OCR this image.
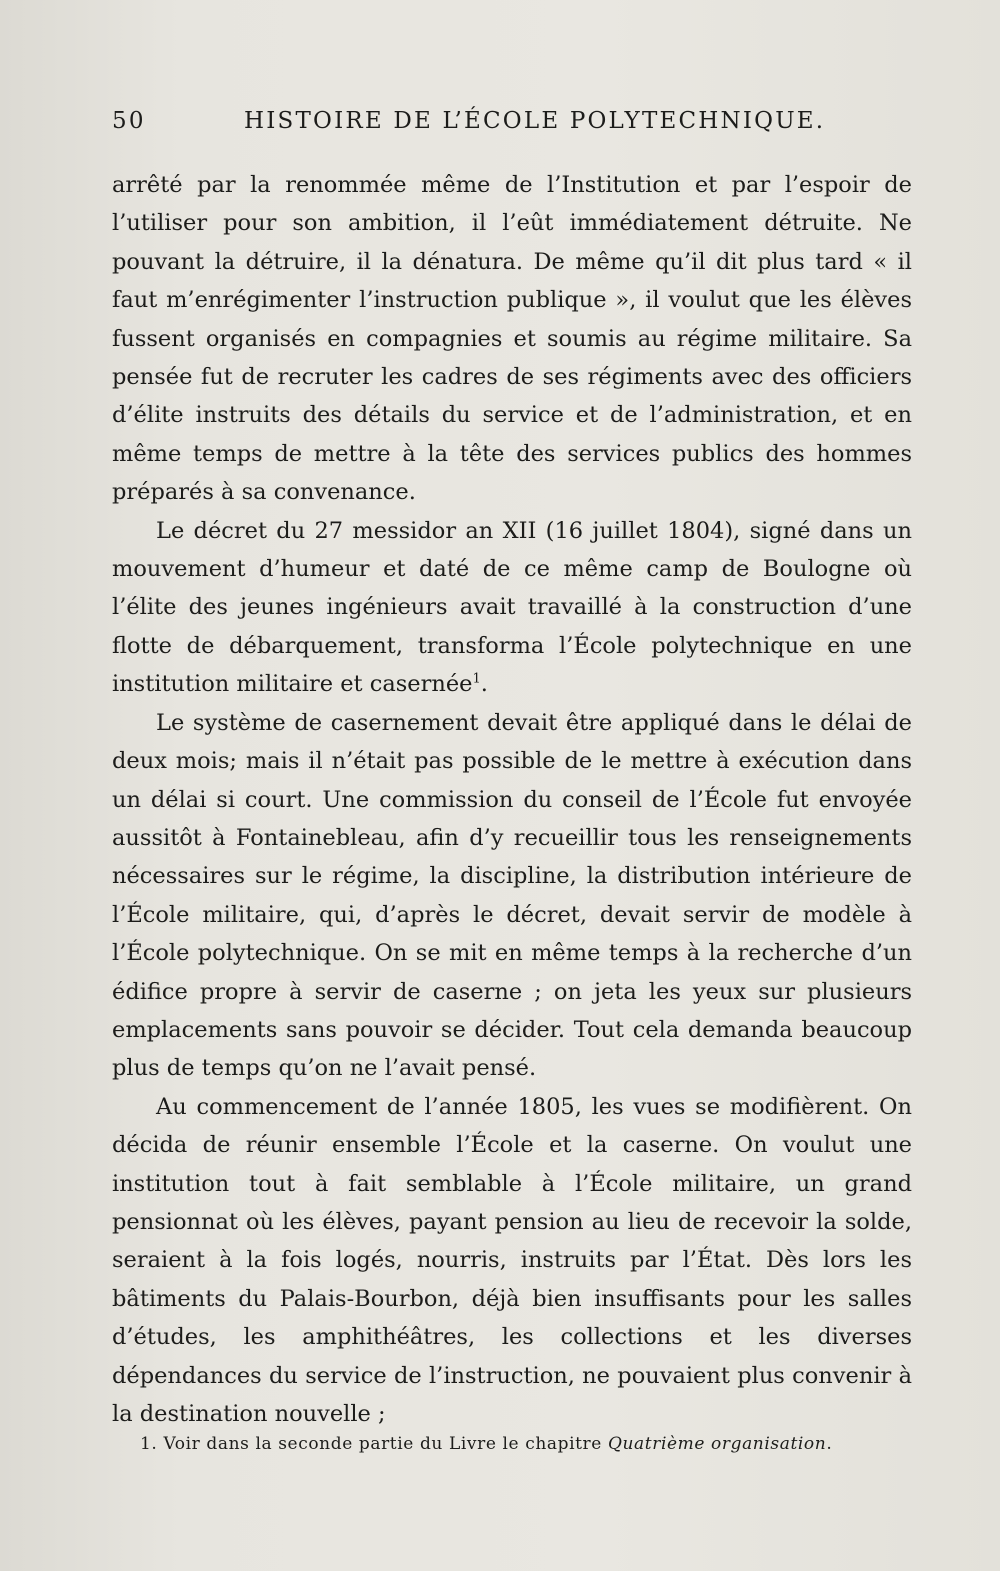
50	HISTOIRE DE L’ÉCOLE POLYTECHNIQUE.

arrêté par la renommée même de l’Institution et par l’espoir de l’utiliser pour son ambition, il l’eût immédiatement détruite. Ne pouvant la détruire, il la dénatura. De même qu’il dit plus tard « il faut m’enrégimenter l’instruction publique », il voulut que les élèves fussent organisés en compagnies et soumis au régime militaire. Sa pensée fut de recruter les cadres de ses régiments avec des officiers d’élite instruits des détails du service et de l’administration, et en même temps de mettre à la tête des services publics des hommes préparés à sa convenance.

Le décret du 27 messidor an XII (16 juillet 1804), signé dans un mouvement d’humeur et daté de ce même camp de Boulogne où l’élite des jeunes ingénieurs avait travaillé à la construction d’une flotte de débarquement, transforma l’École polytechnique en une institution militaire et casernée$^1$.

Le système de casernement devait être appliqué dans le délai de deux mois; mais il n’était pas possible de le mettre à exécution dans un délai si court. Une commission du conseil de l’École fut envoyée aussitôt à Fontainebleau, afin d’y recueillir tous les renseignements nécessaires sur le régime, la discipline, la distribution intérieure de l’École militaire, qui, d’après le décret, devait servir de modèle à l’École polytechnique. On se mit en même temps à la recherche d’un édifice propre à servir de caserne ; on jeta les yeux sur plusieurs emplacements sans pouvoir se décider. Tout cela demanda beaucoup plus de temps qu’on ne l’avait pensé.

Au commencement de l’année 1805, les vues se modifièrent. On décida de réunir ensemble l’École et la caserne. On voulut une institution tout à fait semblable à l’École militaire, un grand pensionnat où les élèves, payant pension au lieu de recevoir la solde, seraient à la fois logés, nourris, instruits par l’État. Dès lors les bâtiments du Palais-Bourbon, déjà bien insuffisants pour les salles d’études, les amphithéâtres, les collections et les diverses dépendances du service de l’instruction, ne pouvaient plus convenir à la destination nouvelle ;

1. Voir dans la seconde partie du Livre le chapitre Quatrième organisation.
